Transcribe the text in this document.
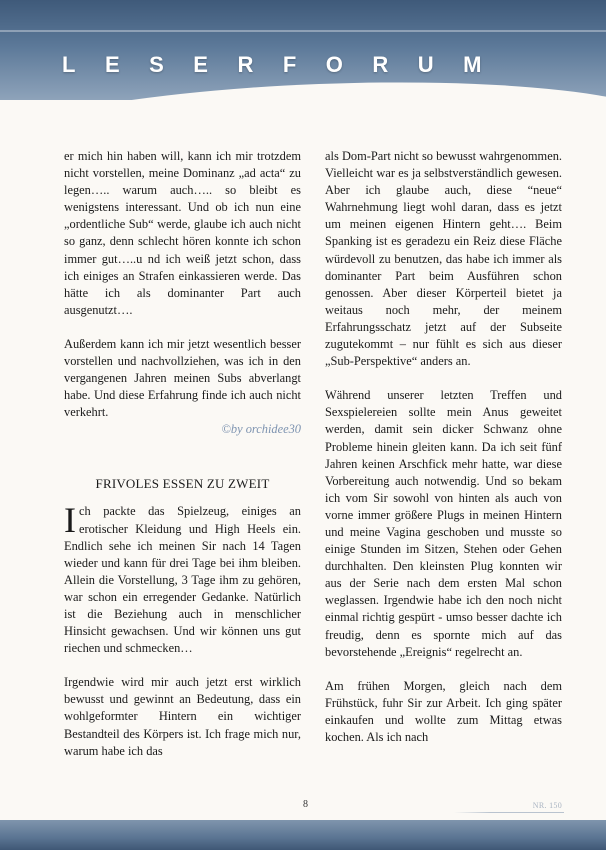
LESERFORUM

er mich hin haben will, kann ich mir trotzdem nicht vorstellen, meine Dominanz „ad acta“ zu legen….. warum auch….. so bleibt es wenigstens interessant. Und ob ich nun eine „ordentliche Sub“ werde, glaube ich auch nicht so ganz, denn schlecht hören konnte ich schon immer gut…..u nd ich weiß jetzt schon, dass ich einiges an Strafen einkassieren werde. Das hätte ich als dominanter Part auch ausgenutzt….

Außerdem kann ich mir jetzt wesentlich besser vorstellen und nachvollziehen, was ich in den vergangenen Jahren meinen Subs abverlangt habe. Und diese Erfahrung finde ich auch nicht verkehrt.

©by orchidee30
FRIVOLES ESSEN ZU ZWEIT

Ich packte das Spielzeug, einiges an erotischer Kleidung und High Heels ein. Endlich sehe ich meinen Sir nach 14 Tagen wieder und kann für drei Tage bei ihm bleiben. Allein die Vorstellung, 3 Tage ihm zu gehören, war schon ein erregender Gedanke. Natürlich ist die Beziehung auch in menschlicher Hinsicht gewachsen. Und wir können uns gut riechen und schmecken…

Irgendwie wird mir auch jetzt erst wirklich bewusst und gewinnt an Bedeutung, dass ein wohlgeformter Hintern ein wichtiger Bestandteil des Körpers ist. Ich frage mich nur, warum habe ich das

als Dom-Part nicht so bewusst wahrgenommen. Vielleicht war es ja selbstverständlich gewesen. Aber ich glaube auch, diese “neue“ Wahrnehmung liegt wohl daran, dass es jetzt um meinen eigenen Hintern geht…. Beim Spanking ist es geradezu ein Reiz diese Fläche würdevoll zu benutzen, das habe ich immer als dominanter Part beim Ausführen schon genossen. Aber dieser Körperteil bietet ja weitaus noch mehr, der meinem Erfahrungsschatz jetzt auf der Subseite zugutekommt – nur fühlt es sich aus dieser „Sub-Perspektive“ anders an.

Während unserer letzten Treffen und Sexspielereien sollte mein Anus geweitet werden, damit sein dicker Schwanz ohne Probleme hinein gleiten kann. Da ich seit fünf Jahren keinen Arschfick mehr hatte, war diese Vorbereitung auch notwendig. Und so bekam ich vom Sir sowohl von hinten als auch von vorne immer größere Plugs in meinen Hintern und meine Vagina geschoben und musste so einige Stunden im Sitzen, Stehen oder Gehen durchhalten. Den kleinsten Plug konnten wir aus der Serie nach dem ersten Mal schon weglassen. Irgendwie habe ich den noch nicht einmal richtig gespürt - umso besser dachte ich freudig, denn es spornte mich auf das bevorstehende „Ereignis“ regelrecht an.

Am frühen Morgen, gleich nach dem Frühstück, fuhr Sir zur Arbeit. Ich ging später einkaufen und wollte zum Mittag etwas kochen. Als ich nach

8	NR. 150
